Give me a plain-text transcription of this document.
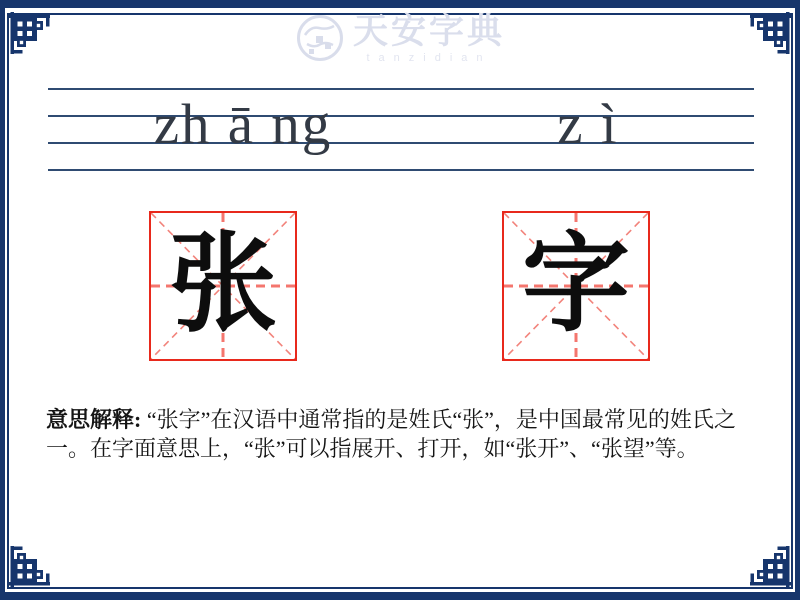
天安字典
tanzidian
zh ā ng	z ì
张 字
意思解释: “张字”在汉语中通常指的是姓氏“张”，是中国最常见的姓氏之一。在字面意思上，“张”可以指展开、打开，如“张开”、“张望”等。
